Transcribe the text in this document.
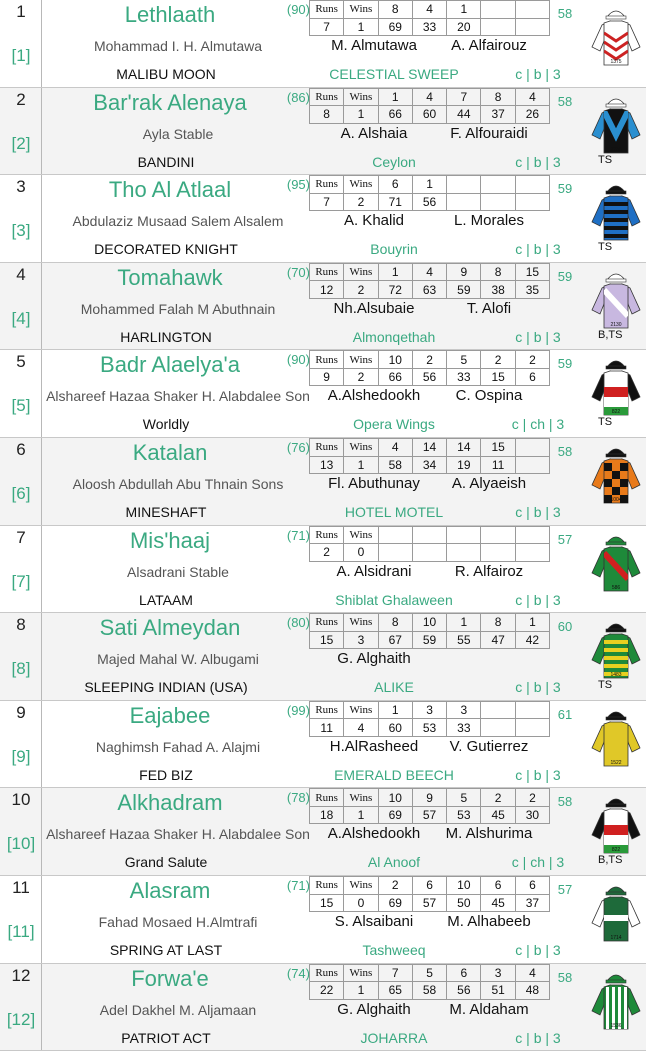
1
[1]
Lethlaath	(90)
Mohammad I. H. Almutawa
MALIBU MOON	CELESTIAL SWEEP	c | b | 3
M. Almutawa	A. Alfairouz
58
Runs	Wins	8	4	1		
7	1	69	33	20		
1375
2
[2]
Bar'rak Alenaya	(86)
Ayla Stable
BANDINI	Ceylon	c | b | 3
A. Alshaia	F. Alfouraidi
58
TS
Runs	Wins	1	4	7	8	4
8	1	66	60	44	37	26
2235
3
[3]
Tho Al Atlaal	(95)
Abdulaziz Musaad Salem Alsalem
DECORATED KNIGHT	Bouyrin	c | b | 3
A. Khalid	L. Morales
59
TS
Runs	Wins	6	1			
7	2	71	56			
1423
4
[4]
Tomahawk	(70)
Mohammed Falah M Abuthnain
HARLINGTON	Almonqethah	c | b | 3
Nh.Alsubaie	T. Alofi
59
B,TS
Runs	Wins	1	4	9	8	15
12	2	72	63	59	38	35
2130
5
[5]
Badr Alaelya'a	(90)
Alshareef Hazaa Shaker H. Alabdalee Son
Worldly	Opera Wings	c | ch | 3
A.Alshedookh	C. Ospina
59
TS
Runs	Wins	10	2	5	2	2
9	2	66	56	33	15	6
822
6
[6]
Katalan	(76)
Aloosh Abdullah Abu Thnain Sons
MINESHAFT	HOTEL MOTEL	c | b | 3
Fl. Abuthunay	A. Alyaeish
58
Runs	Wins	4	14	14	15	
13	1	58	34	19	11	
1004
7
[7]
Mis'haaj	(71)
Alsadrani Stable
LATAAM	Shiblat Ghalaween	c | b | 3
A. Alsidrani	R. Alfairoz
57
Runs	Wins					
2	0					
586
8
[8]
Sati Almeydan	(80)
Majed Mahal W. Albugami
SLEEPING INDIAN (USA)	ALIKE	c | b | 3
G. Alghaith
60
TS
Runs	Wins	8	10	1	8	1
15	3	67	59	55	47	42
1483
9
[9]
Eajabee	(99)
Naghimsh Fahad A. Alajmi
FED BIZ	EMERALD BEECH	c | b | 3
H.AlRasheed	V. Gutierrez
61
Runs	Wins	1	3	3		
11	4	60	53	33		
1522
10
[10]
Alkhadram	(78)
Alshareef Hazaa Shaker H. Alabdalee Son
Grand Salute	Al Anoof	c | ch | 3
A.Alshedookh	M. Alshurima
58
B,TS
Runs	Wins	10	9	5	2	2
18	1	69	57	53	45	30
822
11
[11]
Alasram	(71)
Fahad Mosaed H.Almtrafi
SPRING AT LAST	Tashweeq	c | b | 3
S. Alsaibani	M. Alhabeeb
57
Runs	Wins	2	6	10	6	6
15	0	69	57	50	45	37
1714
12
[12]
Forwa'e	(74)
Adel Dakhel M. Aljamaan
PATRIOT ACT	JOHARRA	c | b | 3
G. Alghaith	M. Aldaham
58
Runs	Wins	7	5	6	3	4
22	1	65	58	56	51	48
1536
